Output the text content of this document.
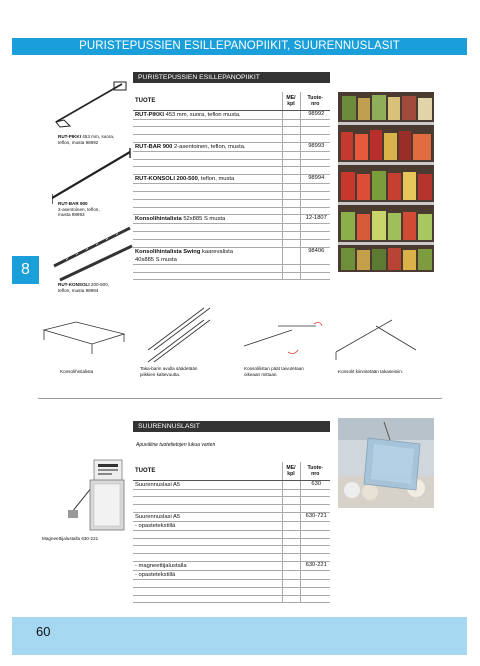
PURISTEPUSSIEN ESILLEPANOPIIKIT, SUURENNUSLASIT
PURISTEPUSSIEN ESILLEPANOPIIKIT
TUOTE	ME/
kpl	Tuote-
nro
RUT-PIKKI 453 mm, suora, teflon musta.		98992

RUT-BAR 900 2-asentoinen, teflon, musta.		98993

RUT-KONSOLI 200-500, teflon, musta		98994

Konsolihintalista 52x885 S musta		12-1807

Konsolihintalista Swing kaarevalista
40x885 S musta		98406

RUT-PIKKI 453 mm, suora,
teflon, musta 98992
RUT-BAR 900
2-asentoinen, teflon,
musta 98993
RUT-KONSOLI 200-500,
teflon, musta 98994
8
Konsolihintalista
Taka-barin avulla säädetään
piikkien kaltevuutta.
Konsolilistan päät taivutetaan
oikeaan mittaan.
Konsolit kiinnitetään takaseiniin.
SUURENNUSLASIT
Apuväline tuotetietojen lukua varten
TUOTE	ME/
kpl	Tuote-
nro
Suurennuslasi A5		630

Suurennuslasi A5		630-721
- opastetekstillä		

- magneettijalustalla		630-221
- opastetekstillä		

Magneettijalustalla 630-221
60
